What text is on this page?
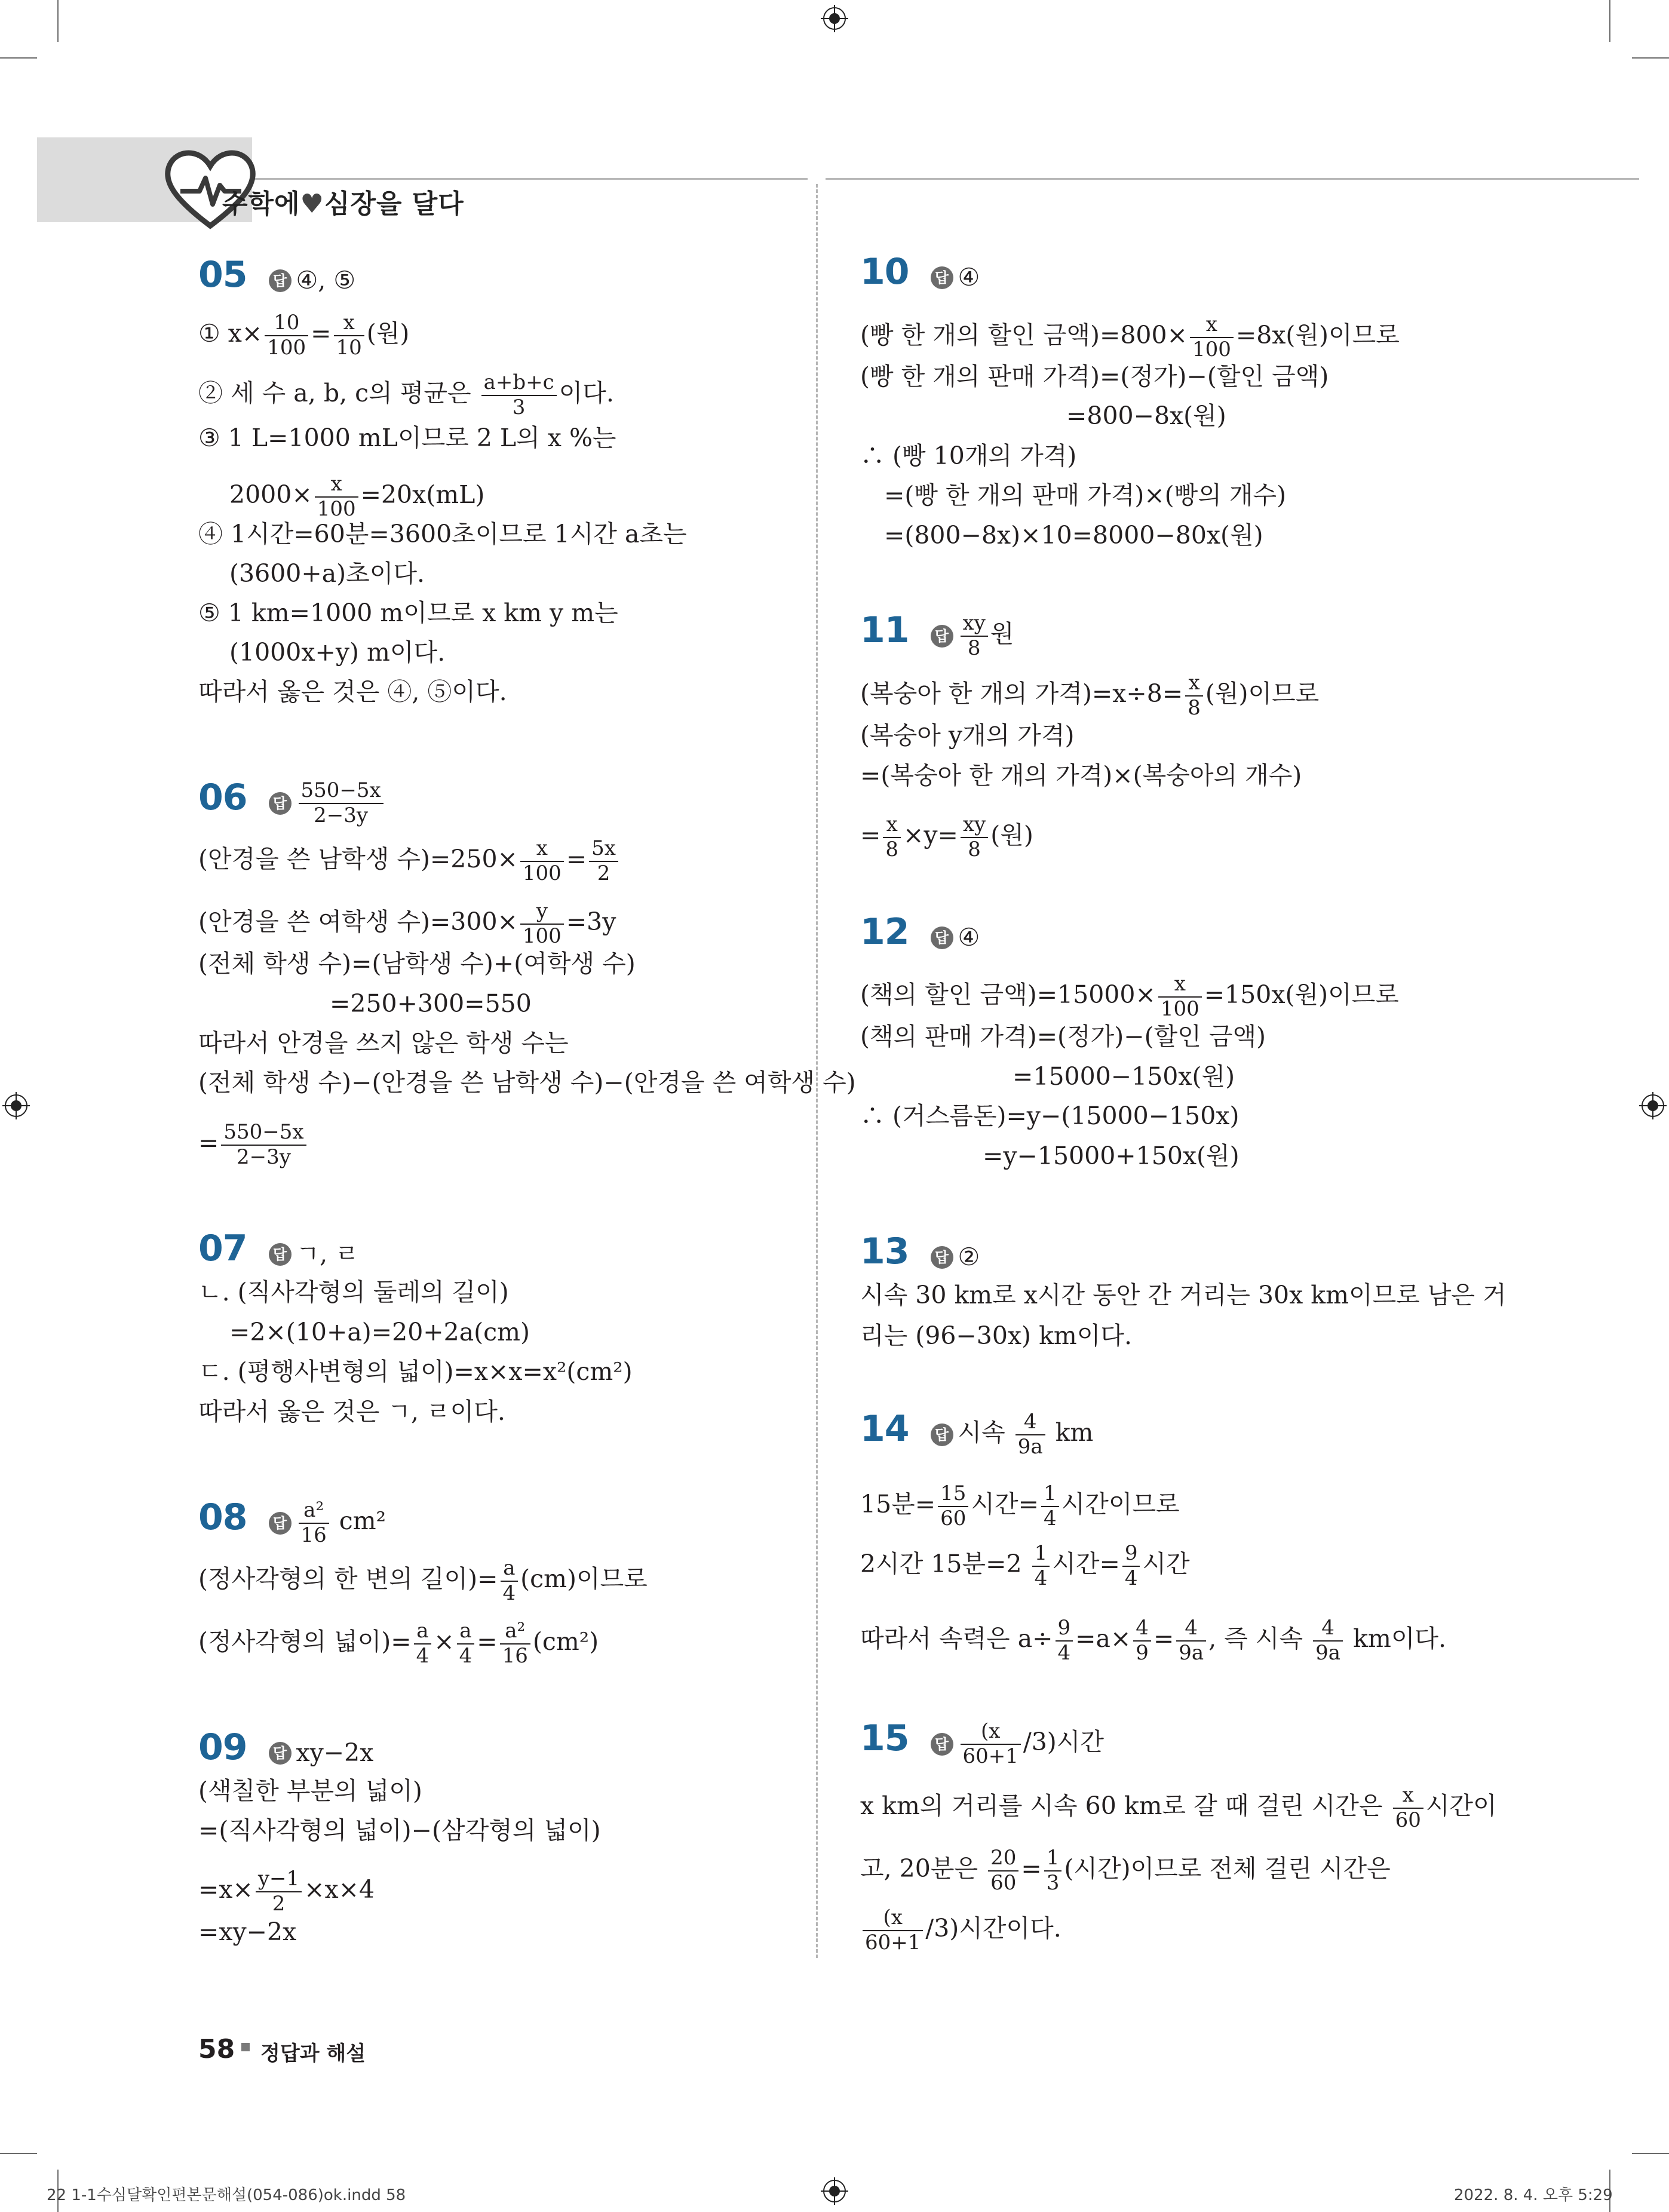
수학에♥심장을 달다
05 답 ④, ⑤
① $x\times \frac{10}{100} = \frac{x}{10}$ (원)
② 세 수 a, b, c의 평균은 $\frac{a+b+c}{3}$ 이다.
③ 1 L=1000 mL이므로 2 L의 x %는
$2000\times \frac{x}{100} =20x(mL)$
④ 1시간=60분=3600초이므로 1시간 a초는
(3600+a)초이다.
⑤ 1 km=1000 m이므로 x km y m는
(1000x+y) m이다.
따라서 옳은 것은 ④, ⑤이다.
06 답 $\frac{550-5x}{2-3y}$
(안경을 쓴 남학생 수)$=250\times \frac{x}{100} = \frac{5x}{2}$
(안경을 쓴 여학생 수)$=300\times \frac{y}{100} =3y$
(전체 학생 수)=(남학생 수)+(여학생 수)
=250+300=550
따라서 안경을 쓰지 않은 학생 수는
(전체 학생 수)−(안경을 쓴 남학생 수)−(안경을 쓴 여학생 수)
= $\frac{550-5x}{2-3y}$
07 답 ㄱ, ㄹ
ㄴ. (직사각형의 둘레의 길이)
=2×(10+a)=20+2a(cm)
ㄷ. (평행사변형의 넓이)=x×x=x²(cm²)
따라서 옳은 것은 ㄱ, ㄹ이다.
08 답 $\frac{\text{a²}}{16} cm^2$
(정사각형의 한 변의 길이)= $\frac{a}{4} (cm)$이므로
(정사각형의 넓이)= $\frac{a}{4} \times \frac{a}{4} = \frac{\text{a²}}{16} (cm^2)$
09 답 xy−2x
(색칠한 부분의 넓이)
=(직사각형의 넓이)−(삼각형의 넓이)
$=x\times \frac{y-1}{2} \times x\times 4$
=xy−2x
10 답 ④
(빵 한 개의 할인 금액)$=800\times \frac{x}{100} =8x$(원)이므로
(빵 한 개의 판매 가격)=(정가)−(할인 금액)
=800−8x(원)
∴ (빵 10개의 가격)
=(빵 한 개의 판매 가격)×(빵의 개수)
=(800−8x)×10=8000−80x(원)
11 답 $\frac{xy}{8}$ 원
(복숭아 한 개의 가격)$=x\div 8= \frac{x}{8}$ (원)이므로
(복숭아 y개의 가격)
=(복숭아 한 개의 가격)×(복숭아의 개수)
= $\frac{x}{8} \times y= \frac{xy}{8}$ (원)
12 답 ④
(책의 할인 금액)$=15000\times \frac{x}{100} =150x$(원)이므로
(책의 판매 가격)=(정가)−(할인 금액)
=15000−150x(원)
∴ (거스름돈)=y−(15000−150x)
=y−15000+150x(원)
13 답 ②
시속 30 km로 x시간 동안 간 거리는 30x km이므로 남은 거
리는 (96−30x) km이다.
14 답 시속 $\frac{4}{9a}$ km
15분= $\frac{15}{60}$ 시간= $\frac{1}{4}$ 시간이므로
2시간 15분$=2 \frac{1}{4}$ 시간= $\frac{9}{4}$ 시간
따라서 속력은 $a\div \frac{9}{4} =a\times \frac{4}{9} = \frac{4}{9a}$ , 즉 시속 $\frac{4}{9a}$ km이다.
15 답 $\frac{(x}{60+1} /3$)시간
x km의 거리를 시속 60 km로 갈 때 걸린 시간은 $\frac{x}{60}$ 시간이
고, 20분은 $\frac{20}{60} = \frac{1}{3}$ (시간)이므로 전체 걸린 시간은
$\frac{(x}{60+1} /3$)시간이다.
58 정답과 해설
22 1-1수심달확인편본문해설(054-086)ok.indd 58	2022. 8. 4. 오후 5:29
